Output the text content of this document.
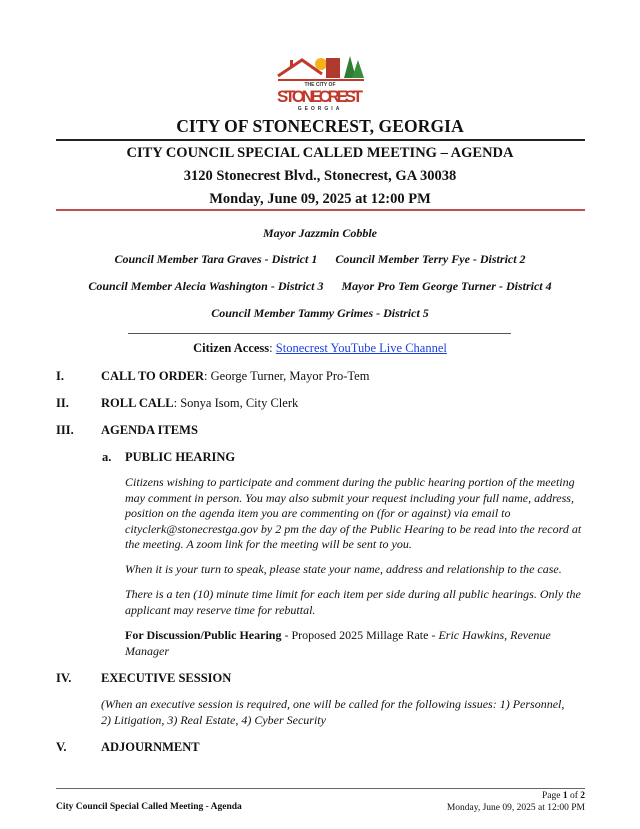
THE CITY OF
STONECREST
GEORGIA
CITY OF STONECREST, GEORGIA
CITY COUNCIL SPECIAL CALLED MEETING – AGENDA
3120 Stonecrest Blvd., Stonecrest, GA 30038
Monday, June 09, 2025 at 12:00 PM
Mayor Jazzmin Cobble
Council Member Tara Graves - District 1 Council Member Terry Fye - District 2
Council Member Alecia Washington - District 3 Mayor Pro Tem George Turner - District 4
Council Member Tammy Grimes - District 5
Citizen Access: Stonecrest YouTube Live Channel
I.	CALL TO ORDER: George Turner, Mayor Pro-Tem
II.	ROLL CALL: Sonya Isom, City Clerk
III. AGENDA ITEMS
a. PUBLIC HEARING
Citizens wishing to participate and comment during the public hearing portion of the meeting may comment in person. You may also submit your request including your full name, address, position on the agenda item you are commenting on (for or against) via email to cityclerk@stonecrestga.gov by 2 pm the day of the Public Hearing to be read into the record at the meeting. A zoom link for the meeting will be sent to you.
When it is your turn to speak, please state your name, address and relationship to the case.
There is a ten (10) minute time limit for each item per side during all public hearings. Only the applicant may reserve time for rebuttal.
For Discussion/Public Hearing - Proposed 2025 Millage Rate - Eric Hawkins, Revenue Manager
IV. EXECUTIVE SESSION
(When an executive session is required, one will be called for the following issues: 1) Personnel, 2) Litigation, 3) Real Estate, 4) Cyber Security
V.	ADJOURNMENT
City Council Special Called Meeting - Agenda
Page 1 of 2
Monday, June 09, 2025 at 12:00 PM
